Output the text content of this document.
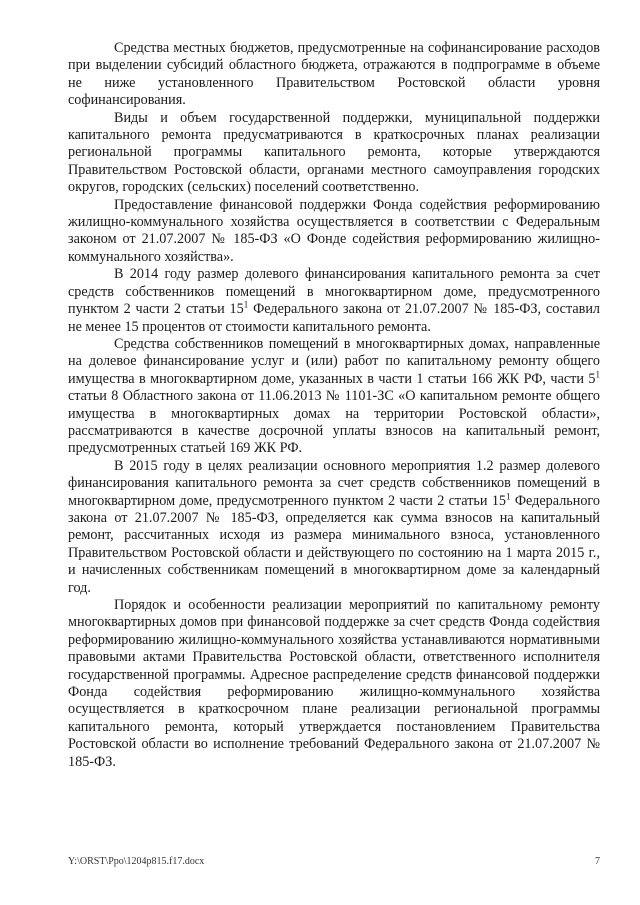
Средства местных бюджетов, предусмотренные на софинансирование расходов при выделении субсидий областного бюджета, отражаются в подпрограмме в объеме не ниже установленного Правительством Ростовской области уровня софинансирования.

Виды и объем государственной поддержки, муниципальной поддержки капитального ремонта предусматриваются в краткосрочных планах реализации региональной программы капитального ремонта, которые утверждаются Правительством Ростовской области, органами местного самоуправления городских округов, городских (сельских) поселений соответственно.

Предоставление финансовой поддержки Фонда содействия реформированию жилищно-коммунального хозяйства осуществляется в соответствии с Федеральным законом от 21.07.2007 № 185-ФЗ «О Фонде содействия реформированию жилищно-коммунального хозяйства».

В 2014 году размер долевого финансирования капитального ремонта за счет средств собственников помещений в многоквартирном доме, предусмотренного пунктом 2 части 2 статьи $15^1$ Федерального закона от 21.07.2007 № 185-ФЗ, составил не менее 15 процентов от стоимости капитального ремонта.

Средства собственников помещений в многоквартирных домах, направленные на долевое финансирование услуг и (или) работ по капитальному ремонту общего имущества в многоквартирном доме, указанных в части 1 статьи 166 ЖК РФ, части $5^1$ статьи 8 Областного закона от 11.06.2013 № 1101-ЗС «О капитальном ремонте общего имущества в многоквартирных домах на территории Ростовской области», рассматриваются в качестве досрочной уплаты взносов на капитальный ремонт, предусмотренных статьей 169 ЖК РФ.

В 2015 году в целях реализации основного мероприятия 1.2 размер долевого финансирования капитального ремонта за счет средств собственников помещений в многоквартирном доме, предусмотренного пунктом 2 части 2 статьи $15^1$ Федерального закона от 21.07.2007 № 185-ФЗ, определяется как сумма взносов на капитальный ремонт, рассчитанных исходя из размера минимального взноса, установленного Правительством Ростовской области и действующего по состоянию на 1 марта 2015 г., и начисленных собственникам помещений в многоквартирном доме за календарный год.

Порядок и особенности реализации мероприятий по капитальному ремонту многоквартирных домов при финансовой поддержке за счет средств Фонда содействия реформированию жилищно-коммунального хозяйства устанавливаются нормативными правовыми актами Правительства Ростовской области, ответственного исполнителя государственной программы. Адресное распределение средств финансовой поддержки Фонда содействия реформированию жилищно-коммунального хозяйства осуществляется в краткосрочном плане реализации региональной программы капитального ремонта, который утверждается постановлением Правительства Ростовской области во исполнение требований Федерального закона от 21.07.2007 № 185-ФЗ.

Y:\ORST\Ppo\1204p815.f17.docx	7
